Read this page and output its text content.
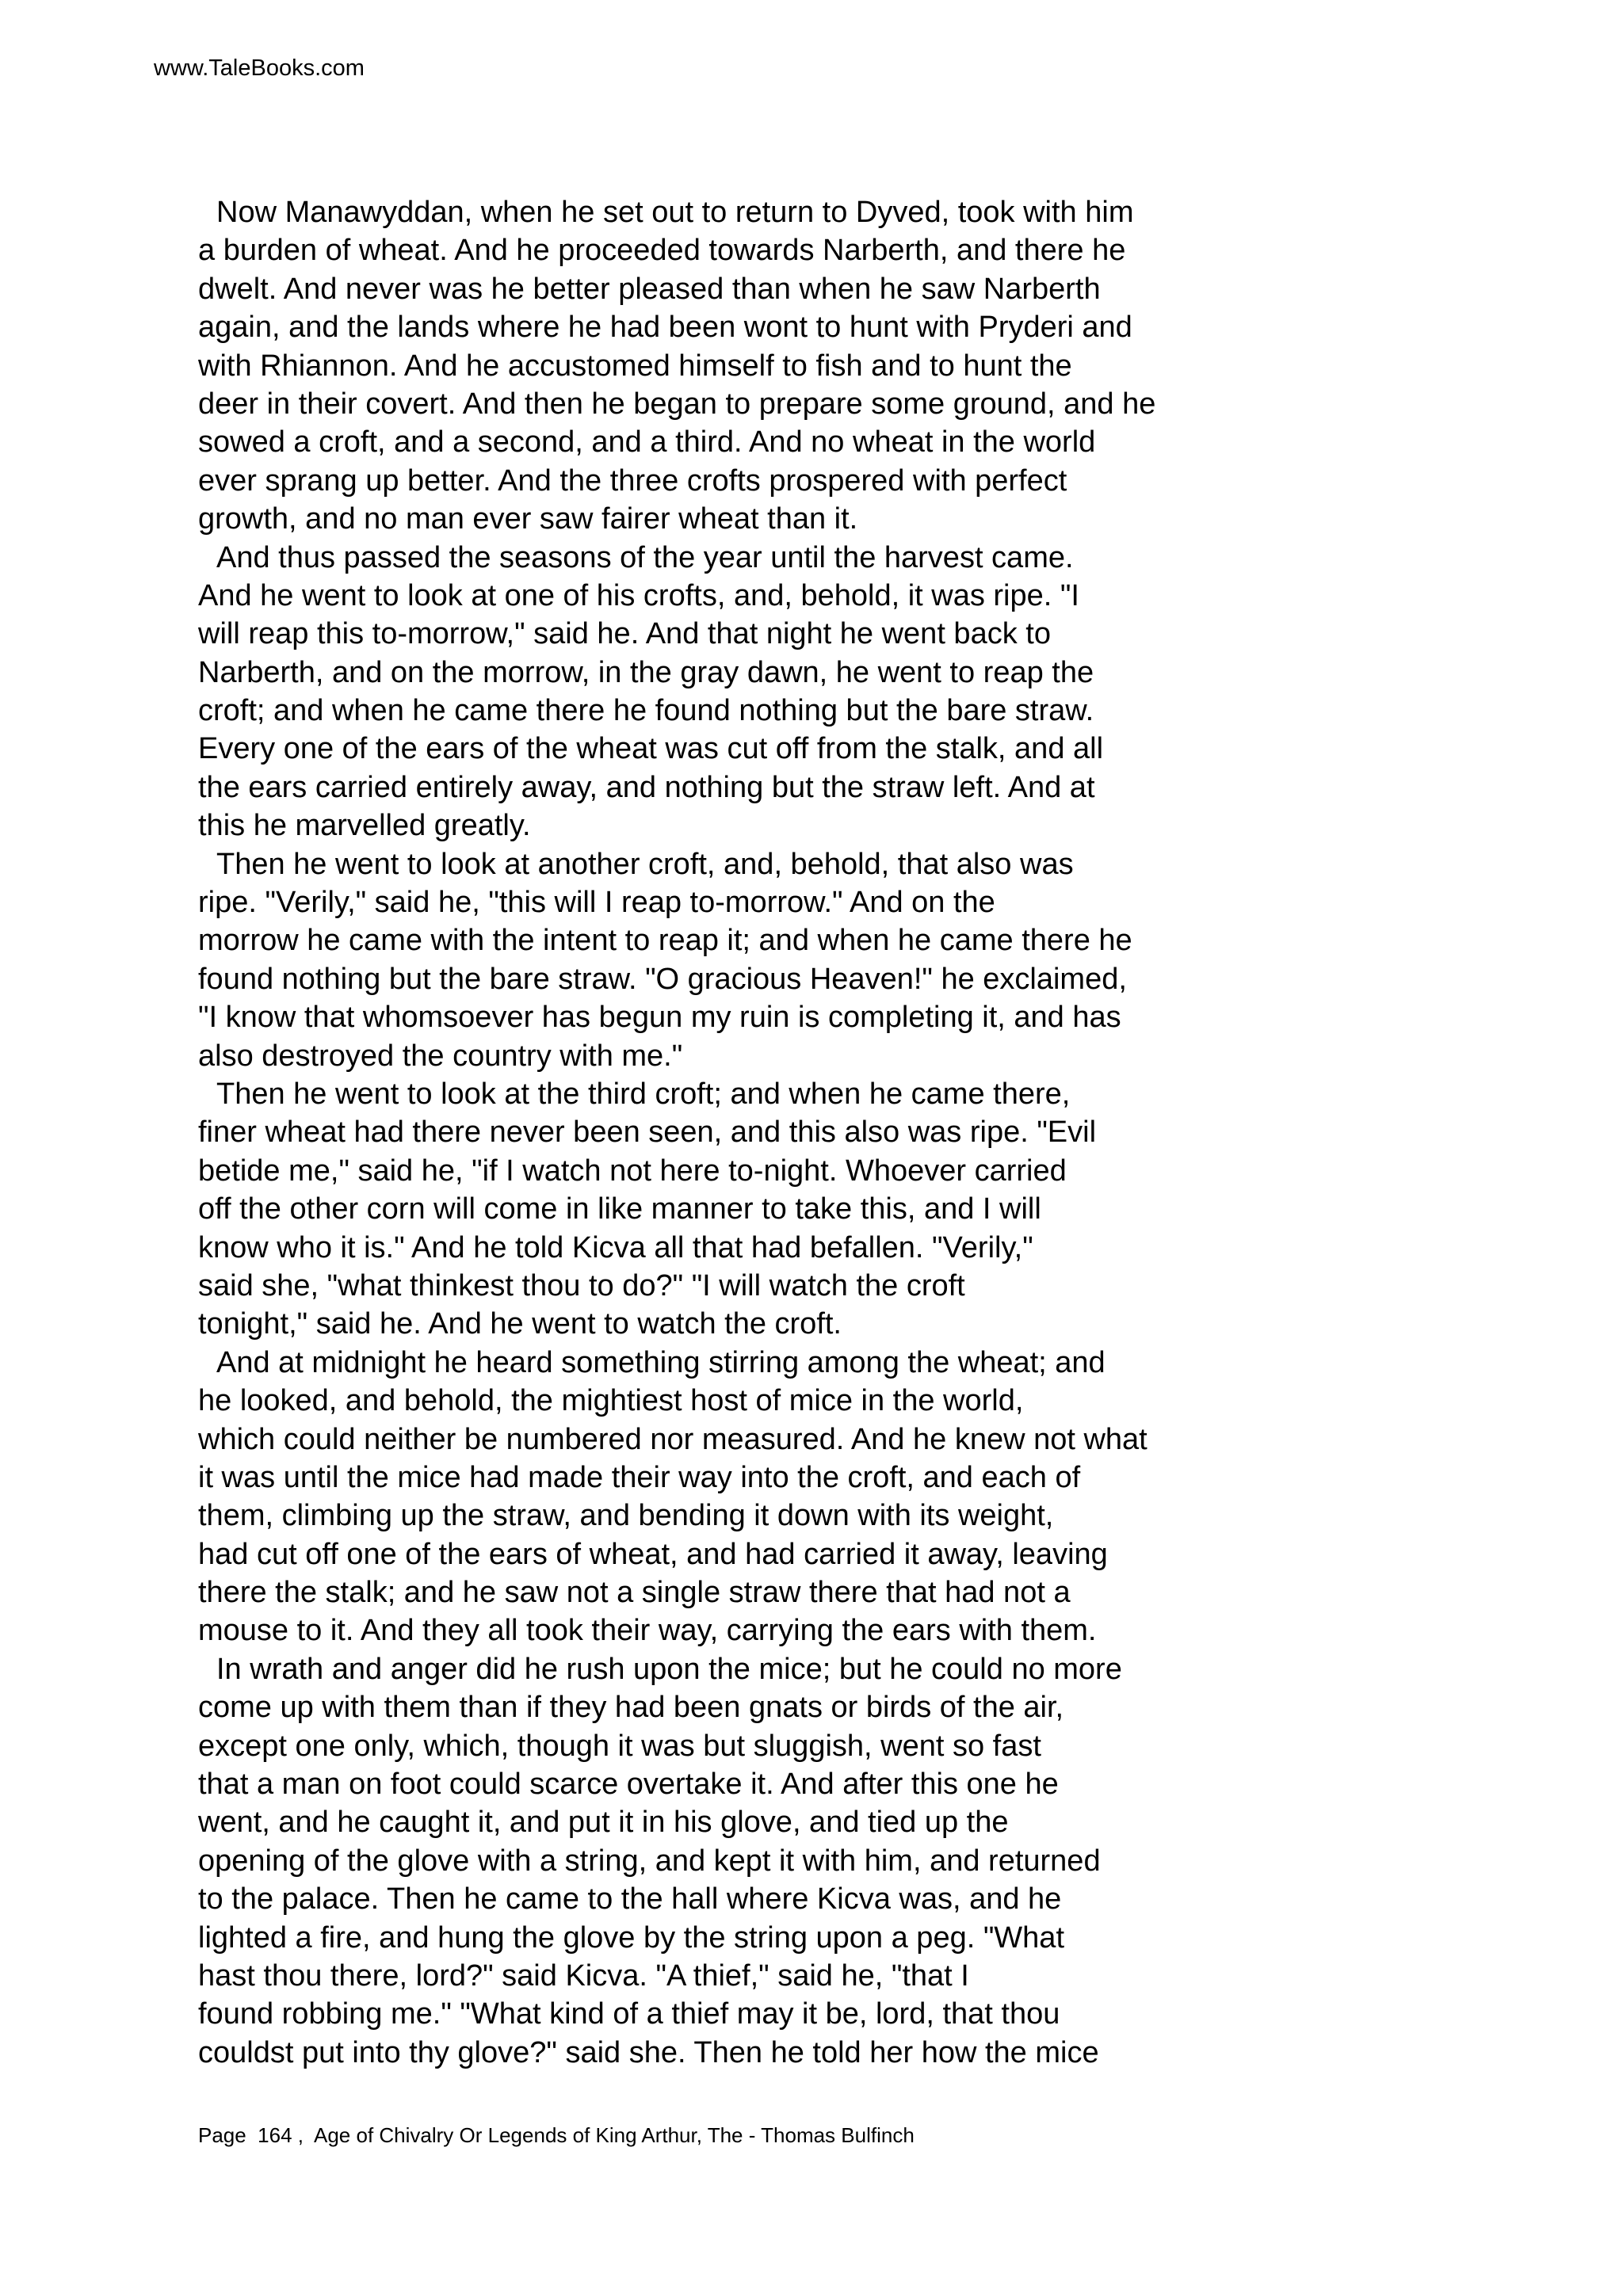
www.TaleBooks.com
Now Manawyddan, when he set out to return to Dyved, took with him
a burden of wheat. And he proceeded towards Narberth, and there he
dwelt. And never was he better pleased than when he saw Narberth
again, and the lands where he had been wont to hunt with Pryderi and
with Rhiannon. And he accustomed himself to fish and to hunt the
deer in their covert. And then he began to prepare some ground, and he
sowed a croft, and a second, and a third. And no wheat in the world
ever sprang up better. And the three crofts prospered with perfect
growth, and no man ever saw fairer wheat than it.
And thus passed the seasons of the year until the harvest came.
And he went to look at one of his crofts, and, behold, it was ripe. "I
will reap this to-morrow," said he. And that night he went back to
Narberth, and on the morrow, in the gray dawn, he went to reap the
croft; and when he came there he found nothing but the bare straw.
Every one of the ears of the wheat was cut off from the stalk, and all
the ears carried entirely away, and nothing but the straw left. And at
this he marvelled greatly.
Then he went to look at another croft, and, behold, that also was
ripe. "Verily," said he, "this will I reap to-morrow." And on the
morrow he came with the intent to reap it; and when he came there he
found nothing but the bare straw. "O gracious Heaven!" he exclaimed,
"I know that whomsoever has begun my ruin is completing it, and has
also destroyed the country with me."
Then he went to look at the third croft; and when he came there,
finer wheat had there never been seen, and this also was ripe. "Evil
betide me," said he, "if I watch not here to-night. Whoever carried
off the other corn will come in like manner to take this, and I will
know who it is." And he told Kicva all that had befallen. "Verily,"
said she, "what thinkest thou to do?" "I will watch the croft
tonight," said he. And he went to watch the croft.
And at midnight he heard something stirring among the wheat; and
he looked, and behold, the mightiest host of mice in the world,
which could neither be numbered nor measured. And he knew not what
it was until the mice had made their way into the croft, and each of
them, climbing up the straw, and bending it down with its weight,
had cut off one of the ears of wheat, and had carried it away, leaving
there the stalk; and he saw not a single straw there that had not a
mouse to it. And they all took their way, carrying the ears with them.
In wrath and anger did he rush upon the mice; but he could no more
come up with them than if they had been gnats or birds of the air,
except one only, which, though it was but sluggish, went so fast
that a man on foot could scarce overtake it. And after this one he
went, and he caught it, and put it in his glove, and tied up the
opening of the glove with a string, and kept it with him, and returned
to the palace. Then he came to the hall where Kicva was, and he
lighted a fire, and hung the glove by the string upon a peg. "What
hast thou there, lord?" said Kicva. "A thief," said he, "that I
found robbing me." "What kind of a thief may it be, lord, that thou
couldst put into thy glove?" said she. Then he told her how the mice
Page  164 ,  Age of Chivalry Or Legends of King Arthur, The - Thomas Bulfinch
